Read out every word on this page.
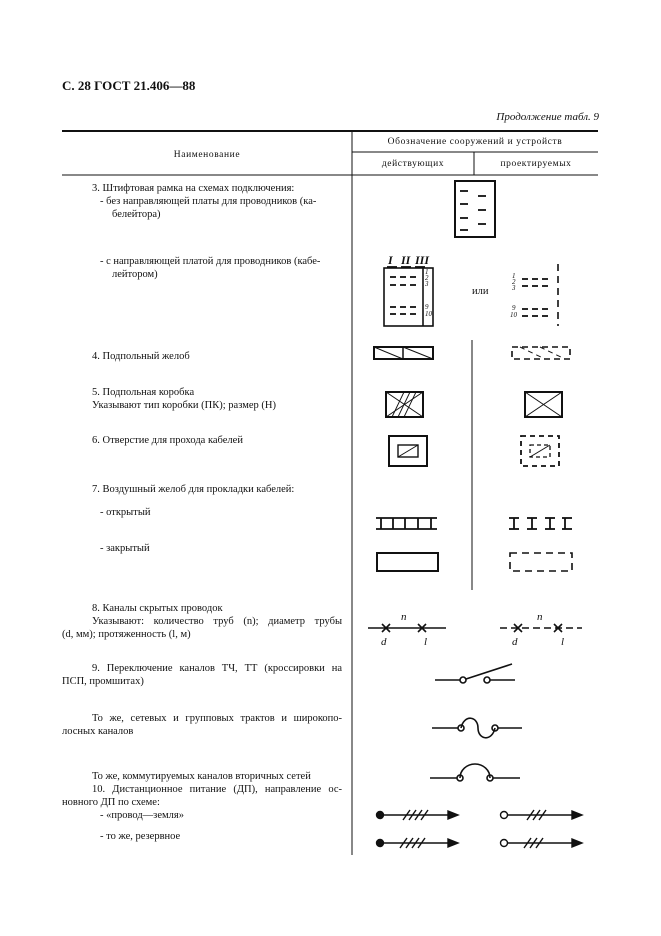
С. 28 ГОСТ 21.406—88
Продолжение табл. 9
Наименование
Обозначение сооружений и устройств
действующих	проектируемых
3. Штифтовая рамка на схемах подключения:
- без направляющей платы для проводников (ка-
белейтора)
- с направляющей платой для проводников (кабе-
лейтором)
или
4. Подпольный желоб
5. Подпольная коробка
Указывают тип коробки (ПК); размер (Н)
6. Отверстие для прохода кабелей
7. Воздушный желоб для прокладки кабелей:
- открытый
- закрытый
8. Каналы скрытых проводок
Указывают: количество труб (n); диаметр трубы
(d, мм); протяженность (l, м)
9. Переключение каналов ТЧ, ТТ (кроссировки на
ПСП, промшитах)
То же, сетевых и групповых трактов и широкопо-
лосных каналов
То же, коммутируемых каналов вторичных сетей
10. Дистанционное питание (ДП), направление ос-
новного ДП по схеме:
- «провод—земля»
- то же, резервное
I II III
1
2
3
9
10
1
2
3
9
10
n
d	l
n
d	l
